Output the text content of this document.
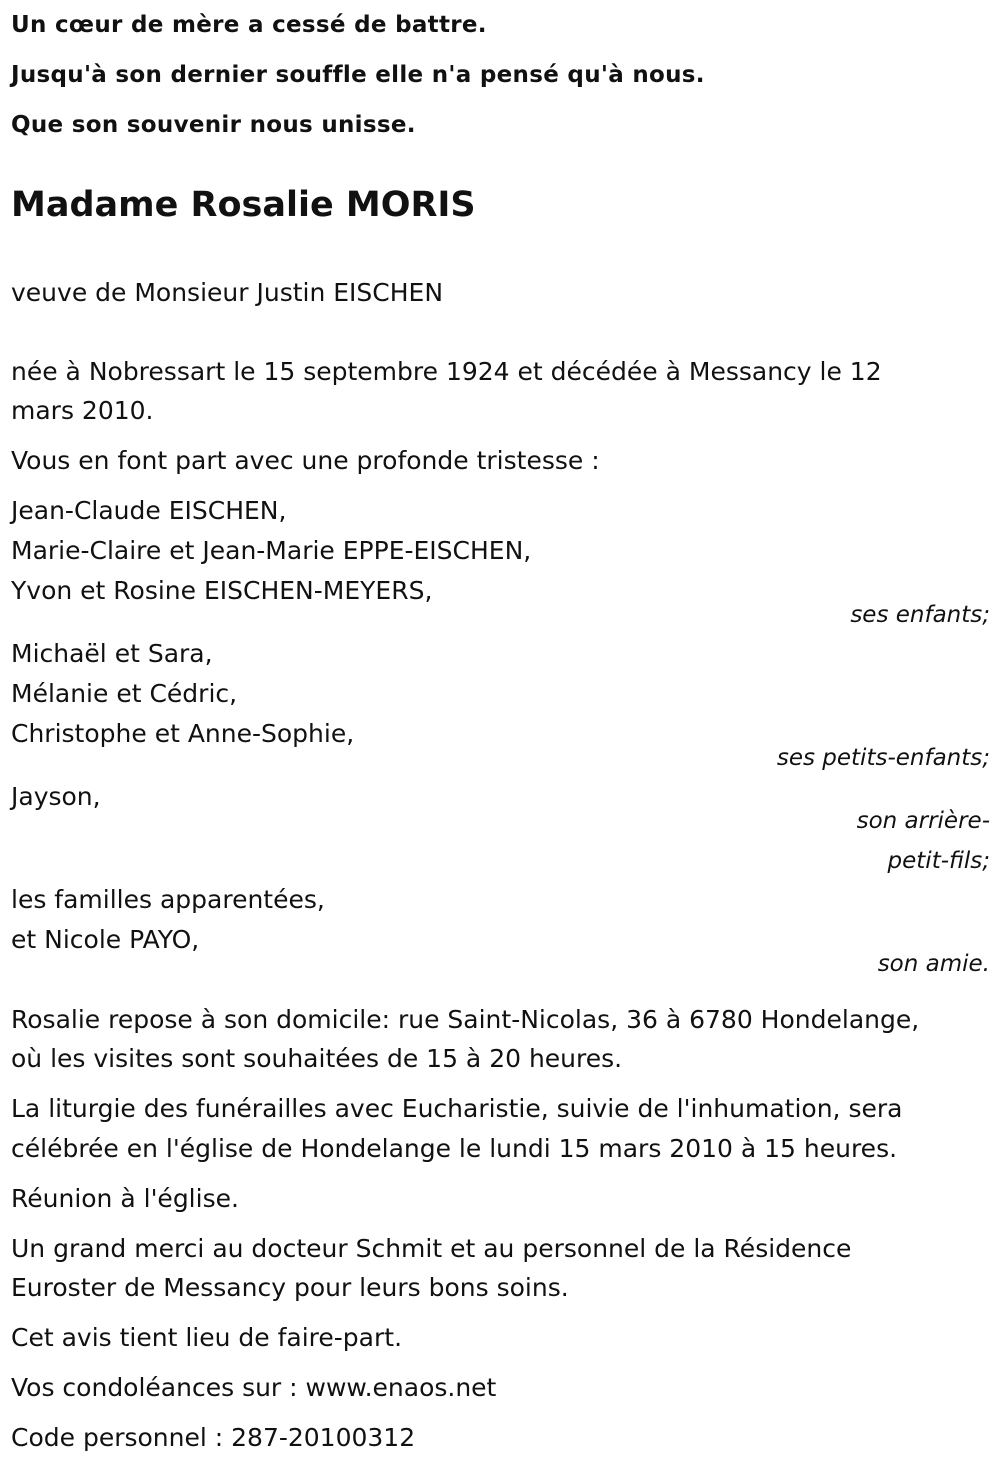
Un cœur de mère a cessé de battre.
Jusqu'à son dernier souffle elle n'a pensé qu'à nous.
Que son souvenir nous unisse.
Madame Rosalie MORIS
veuve de Monsieur Justin EISCHEN
née à Nobressart le 15 septembre 1924 et décédée à Messancy le 12
mars 2010.
Vous en font part avec une profonde tristesse :
Jean-Claude EISCHEN,
Marie-Claire et Jean-Marie EPPE-EISCHEN,
Yvon et Rosine EISCHEN-MEYERS,
ses enfants;
Michaël et Sara,
Mélanie et Cédric,
Christophe et Anne-Sophie,
ses petits-enfants;
Jayson,
son arrière-
petit-fils;
les familles apparentées,
et Nicole PAYO,
son amie.
Rosalie repose à son domicile: rue Saint-Nicolas, 36 à 6780 Hondelange,
où les visites sont souhaitées de 15 à 20 heures.
La liturgie des funérailles avec Eucharistie, suivie de l'inhumation, sera
célébrée en l'église de Hondelange le lundi 15 mars 2010 à 15 heures.
Réunion à l'église.
Un grand merci au docteur Schmit et au personnel de la Résidence
Euroster de Messancy pour leurs bons soins.
Cet avis tient lieu de faire-part.
Vos condoléances sur : www.enaos.net
Code personnel : 287-20100312
